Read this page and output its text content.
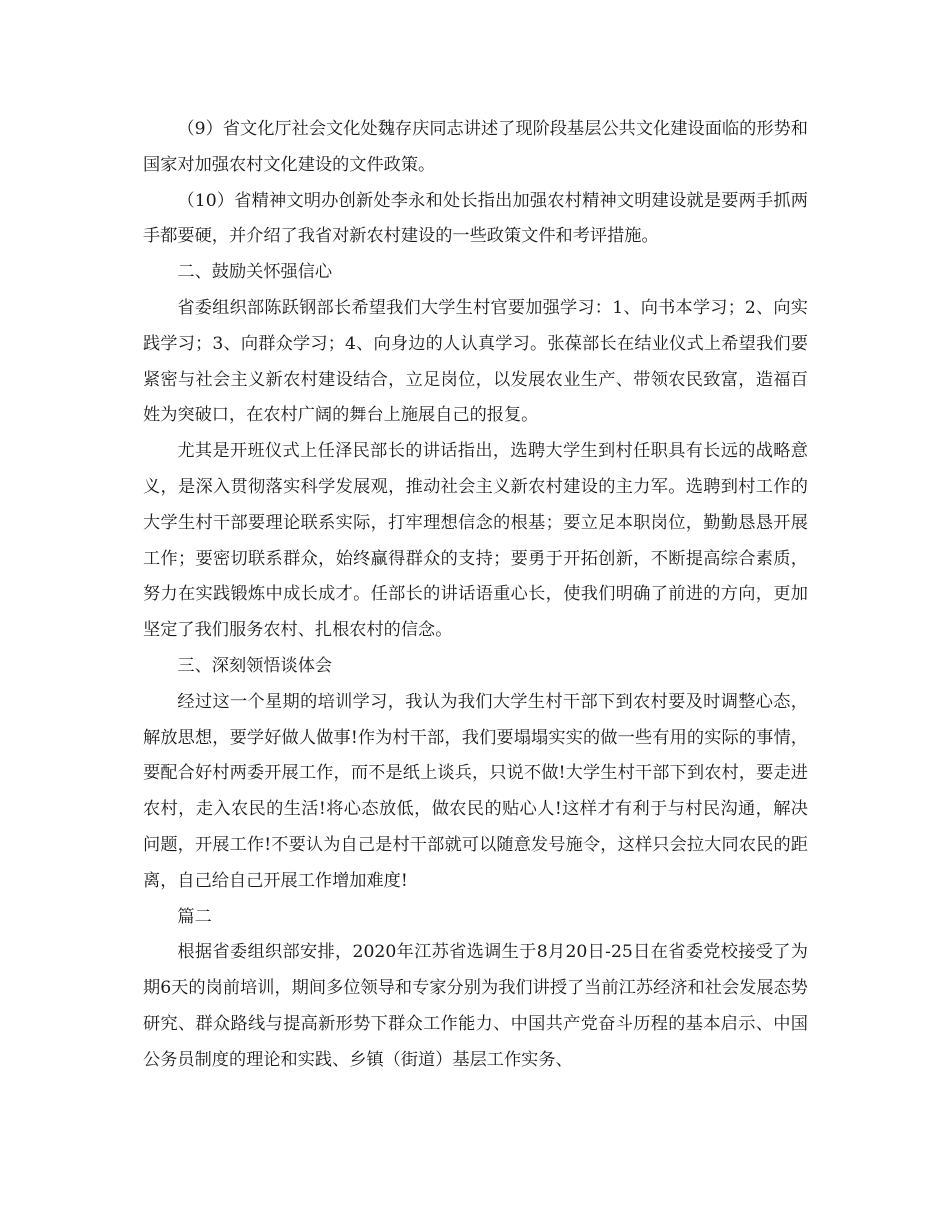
（9）省文化厅社会文化处魏存庆同志讲述了现阶段基层公共文化建设面临的形势和国家对加强农村文化建设的文件政策。

（10）省精神文明办创新处李永和处长指出加强农村精神文明建设就是要两手抓两手都要硬，并介绍了我省对新农村建设的一些政策文件和考评措施。

二、鼓励关怀强信心

省委组织部陈跃钢部长希望我们大学生村官要加强学习：1、向书本学习；2、向实践学习；3、向群众学习；4、向身边的人认真学习。张葆部长在结业仪式上希望我们要紧密与社会主义新农村建设结合，立足岗位，以发展农业生产、带领农民致富，造福百姓为突破口，在农村广阔的舞台上施展自己的报复。

尤其是开班仪式上任泽民部长的讲话指出，选聘大学生到村任职具有长远的战略意义，是深入贯彻落实科学发展观，推动社会主义新农村建设的主力军。选聘到村工作的大学生村干部要理论联系实际，打牢理想信念的根基；要立足本职岗位，勤勤恳恳开展工作；要密切联系群众，始终赢得群众的支持；要勇于开拓创新，不断提高综合素质，努力在实践锻炼中成长成才。任部长的讲话语重心长，使我们明确了前进的方向，更加坚定了我们服务农村、扎根农村的信念。

三、深刻领悟谈体会

经过这一个星期的培训学习，我认为我们大学生村干部下到农村要及时调整心态，解放思想，要学好做人做事!作为村干部，我们要塌塌实实的做一些有用的实际的事情，要配合好村两委开展工作，而不是纸上谈兵，只说不做!大学生村干部下到农村，要走进农村，走入农民的生活!将心态放低，做农民的贴心人!这样才有利于与村民沟通，解决问题，开展工作!不要认为自己是村干部就可以随意发号施令，这样只会拉大同农民的距离，自己给自己开展工作增加难度!

篇二

根据省委组织部安排，2020年江苏省选调生于8月20日-25日在省委党校接受了为期6天的岗前培训，期间多位领导和专家分别为我们讲授了当前江苏经济和社会发展态势研究、群众路线与提高新形势下群众工作能力、中国共产党奋斗历程的基本启示、中国公务员制度的理论和实践、乡镇（街道）基层工作实务、
